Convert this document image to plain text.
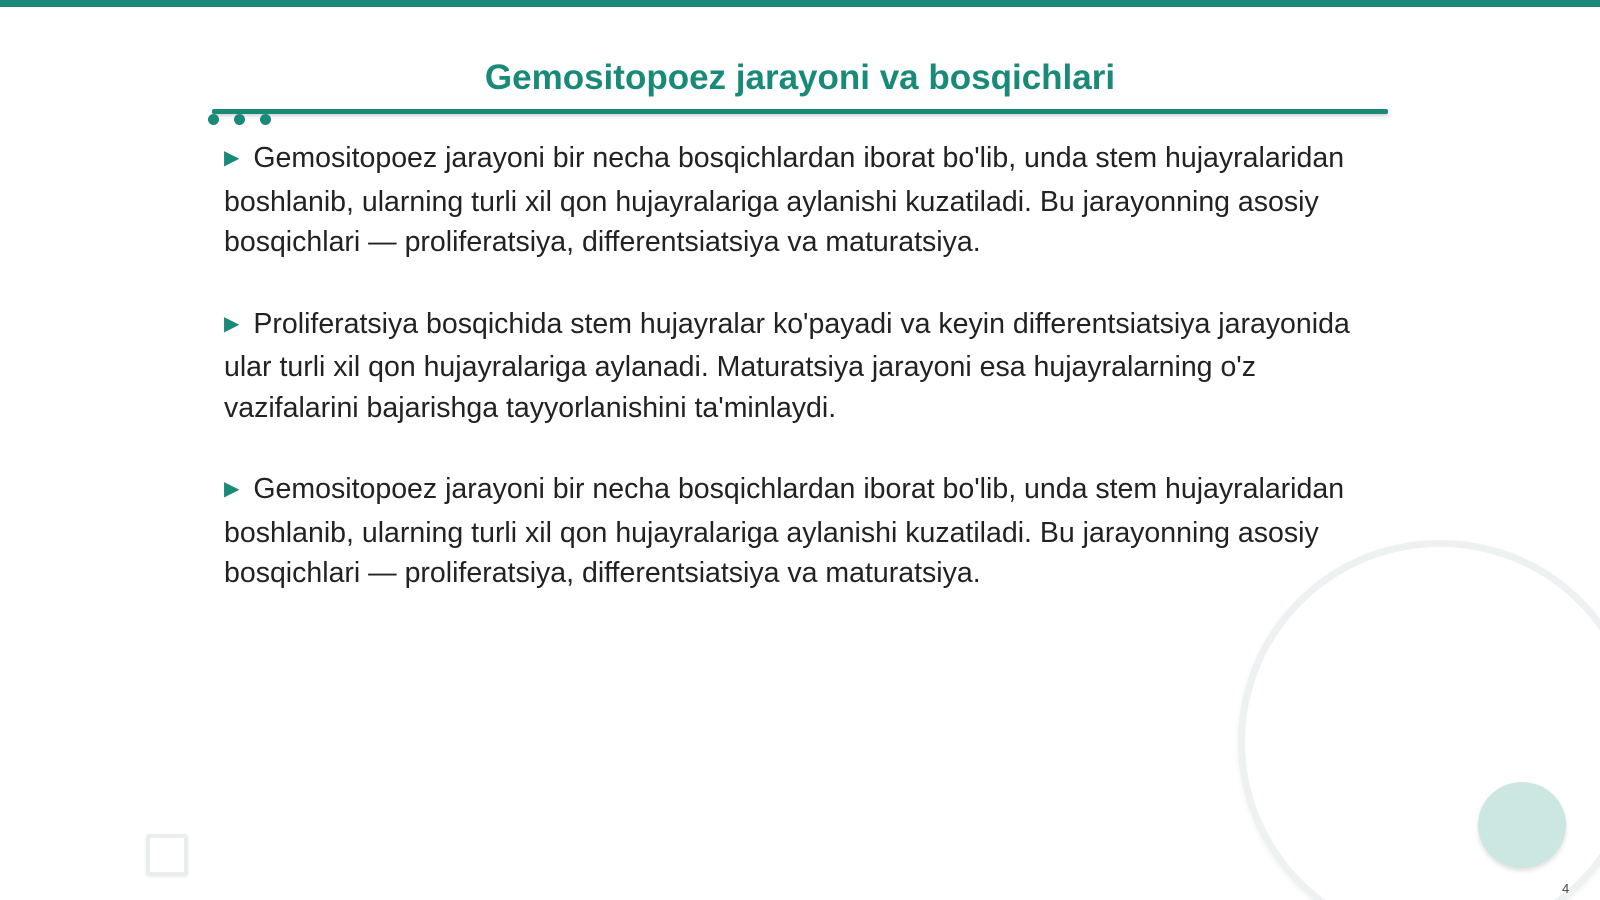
Gemositopoez jarayoni va bosqichlari

▶ Gemositopoez jarayoni bir necha bosqichlardan iborat bo'lib, unda stem hujayralaridan boshlanib, ularning turli xil qon hujayralariga aylanishi kuzatiladi. Bu jarayonning asosiy bosqichlari — proliferatsiya, differentsiatsiya va maturatsiya.

▶ Proliferatsiya bosqichida stem hujayralar ko'payadi va keyin differentsiatsiya jarayonida ular turli xil qon hujayralariga aylanadi. Maturatsiya jarayoni esa hujayralarning o'z vazifalarini bajarishga tayyorlanishini ta'minlaydi.

▶ Gemositopoez jarayoni bir necha bosqichlardan iborat bo'lib, unda stem hujayralaridan boshlanib, ularning turli xil qon hujayralariga aylanishi kuzatiladi. Bu jarayonning asosiy bosqichlari — proliferatsiya, differentsiatsiya va maturatsiya.

4
